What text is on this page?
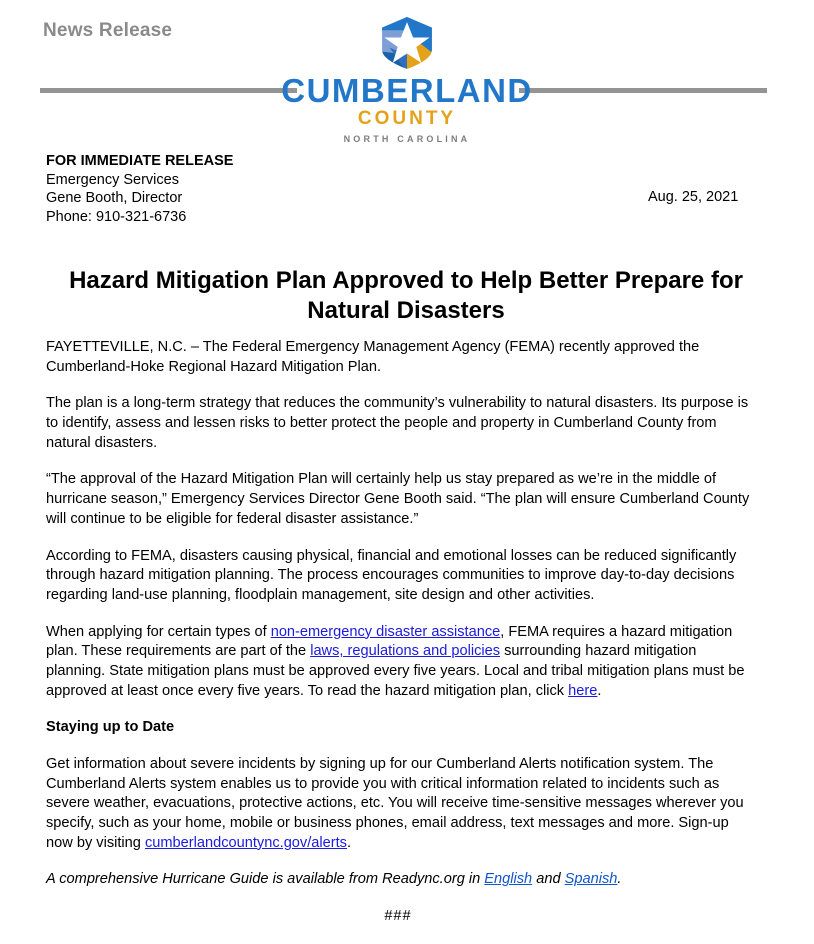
News Release
CUMBERLAND
COUNTY
NORTH CAROLINA
FOR IMMEDIATE RELEASE
Emergency Services
Gene Booth, Director
Phone: 910-321-6736
Aug. 25, 2021
Hazard Mitigation Plan Approved to Help Better Prepare for Natural Disasters

FAYETTEVILLE, N.C. – The Federal Emergency Management Agency (FEMA) recently approved the Cumberland-Hoke Regional Hazard Mitigation Plan.

The plan is a long-term strategy that reduces the community’s vulnerability to natural disasters. Its purpose is to identify, assess and lessen risks to better protect the people and property in Cumberland County from natural disasters.

“The approval of the Hazard Mitigation Plan will certainly help us stay prepared as we’re in the middle of hurricane season,” Emergency Services Director Gene Booth said. “The plan will ensure Cumberland County will continue to be eligible for federal disaster assistance.”

According to FEMA, disasters causing physical, financial and emotional losses can be reduced significantly through hazard mitigation planning. The process encourages communities to improve day-to-day decisions regarding land-use planning, floodplain management, site design and other activities.

When applying for certain types of non-emergency disaster assistance, FEMA requires a hazard mitigation plan. These requirements are part of the laws, regulations and policies surrounding hazard mitigation planning. State mitigation plans must be approved every five years. Local and tribal mitigation plans must be approved at least once every five years. To read the hazard mitigation plan, click here.

Staying up to Date

Get information about severe incidents by signing up for our Cumberland Alerts notification system. The Cumberland Alerts system enables us to provide you with critical information related to incidents such as severe weather, evacuations, protective actions, etc. You will receive time-sensitive messages wherever you specify, such as your home, mobile or business phones, email address, text messages and more. Sign-up now by visiting cumberlandcountync.gov/alerts.

A comprehensive Hurricane Guide is available from Readync.org in English and Spanish.

###
